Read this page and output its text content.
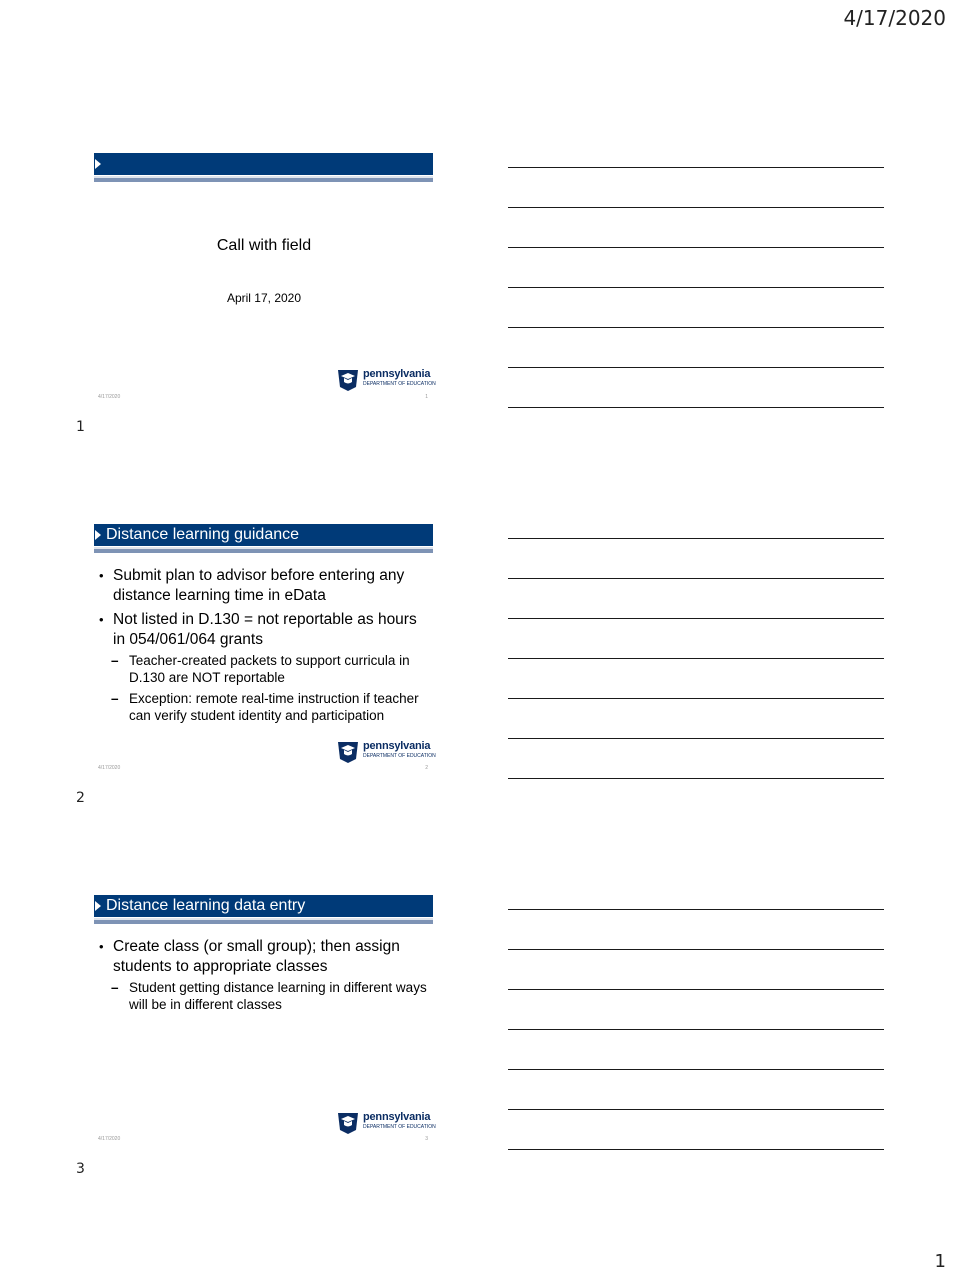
4/17/2020
Call with field
April 17, 2020
pennsylvania
DEPARTMENT OF EDUCATION
4/17/2020	1
1
Distance learning guidance
• Submit plan to advisor before entering any distance learning time in eData
• Not listed in D.130 = not reportable as hours in 054/061/064 grants
– Teacher-created packets to support curricula in D.130 are NOT reportable
– Exception: remote real-time instruction if teacher can verify student identity and participation
pennsylvania
DEPARTMENT OF EDUCATION
4/17/2020	2
2
Distance learning data entry
• Create class (or small group); then assign students to appropriate classes
– Student getting distance learning in different ways will be in different classes
pennsylvania
DEPARTMENT OF EDUCATION
4/17/2020	3
3
1
